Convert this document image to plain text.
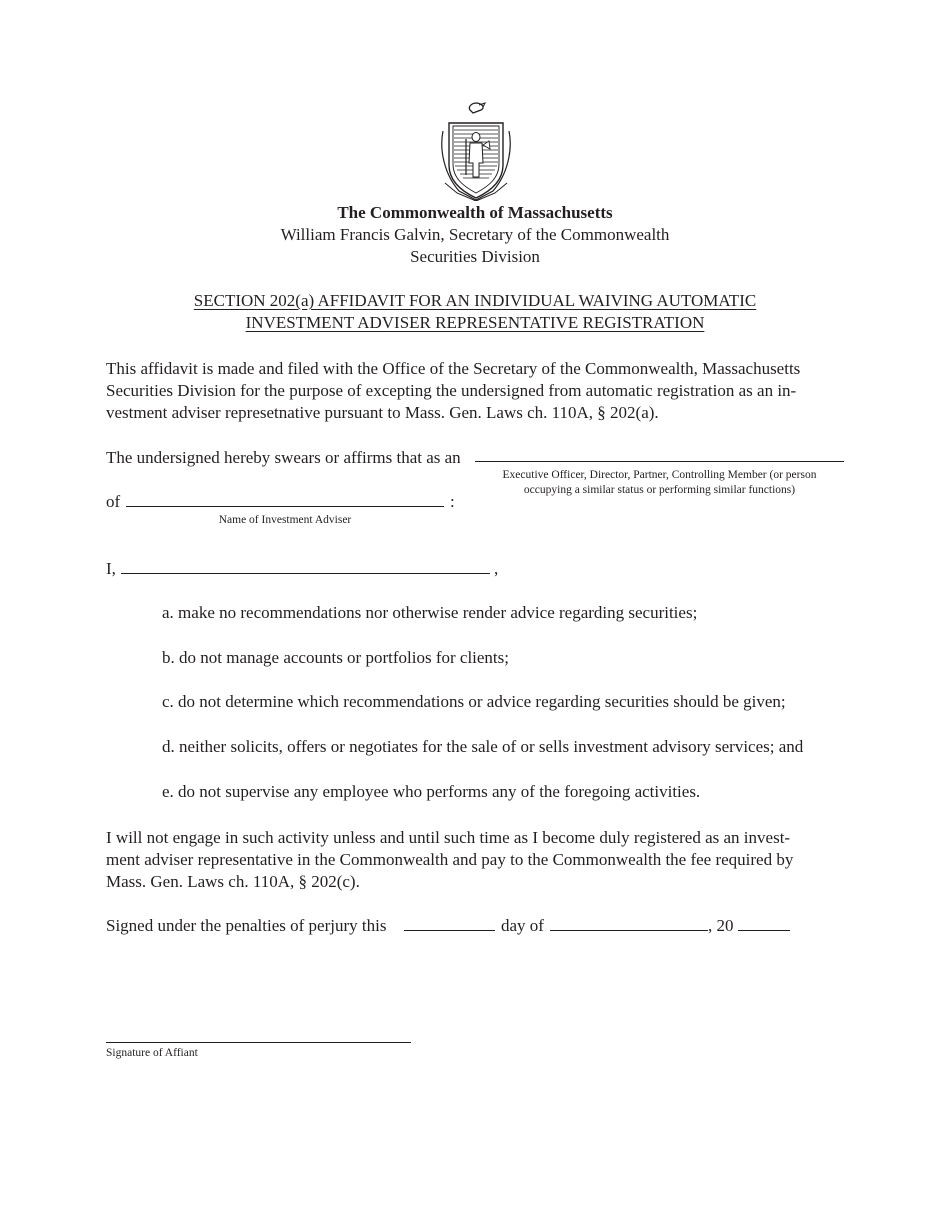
The Commonwealth of Massachusetts
William Francis Galvin, Secretary of the Commonwealth
Securities Division
SECTION 202(a) AFFIDAVIT FOR AN INDIVIDUAL WAIVING AUTOMATIC
INVESTMENT ADVISER REPRESENTATIVE REGISTRATION
This affidavit is made and filed with the Office of the Secretary of the Commonwealth, Massachusetts
Securities Division for the purpose of excepting the undersigned from automatic registration as an in-
vestment adviser represetnative pursuant to Mass. Gen. Laws ch. 110A, § 202(a).
The undersigned hereby swears or affirms that as an
Executive Officer, Director, Partner, Controlling Member (or person
occupying a similar status or performing similar functions)
of	:
Name of Investment Adviser
I,	,
a. make no recommendations nor otherwise render advice regarding securities;
b. do not manage accounts or portfolios for clients;
c. do not determine which recommendations or advice regarding securities should be given;
d. neither solicits, offers or negotiates for the sale of or sells investment advisory services; and
e. do not supervise any employee who performs any of the foregoing activities.
I will not engage in such activity unless and until such time as I become duly registered as an invest-
ment adviser representative in the Commonwealth and pay to the Commonwealth the fee required by
Mass. Gen. Laws ch. 110A, § 202(c).
Signed under the penalties of perjury this	day of	, 20
Signature of Affiant
